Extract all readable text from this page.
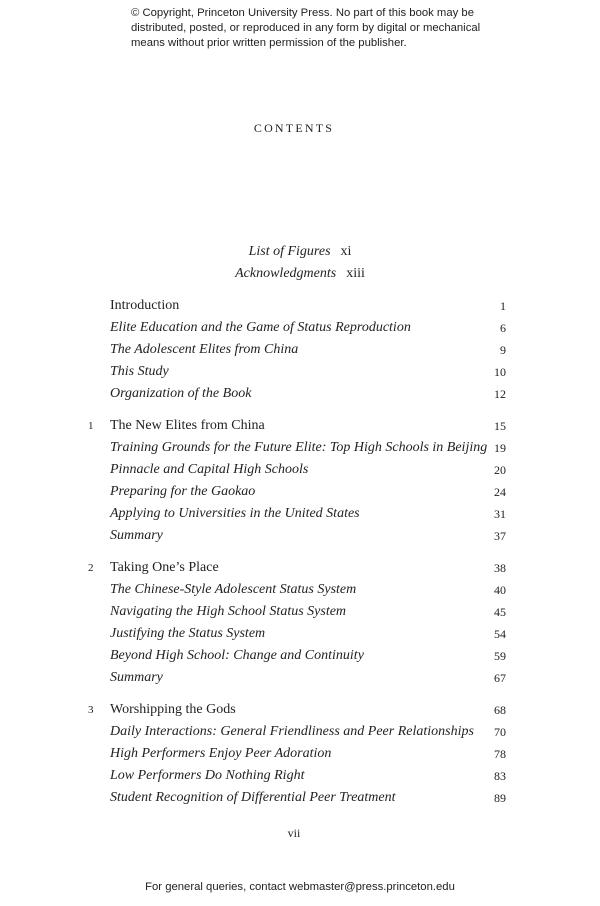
© Copyright, Princeton University Press. No part of this book may be distributed, posted, or reproduced in any form by digital or mechanical means without prior written permission of the publisher.
CONTENTS
List of Figures xi
Acknowledgments xiii
Introduction	1
Elite Education and the Game of Status Reproduction	6
The Adolescent Elites from China	9
This Study	10
Organization of the Book	12
1	The New Elites from China	15
Training Grounds for the Future Elite: Top High Schools in Beijing 19
Pinnacle and Capital High Schools	20
Preparing for the Gaokao	24
Applying to Universities in the United States	31
Summary	37
2	Taking One’s Place	38
The Chinese-Style Adolescent Status System	40
Navigating the High School Status System	45
Justifying the Status System	54
Beyond High School: Change and Continuity	59
Summary	67
3	Worshipping the Gods	68
Daily Interactions: General Friendliness and Peer Relationships 70
High Performers Enjoy Peer Adoration	78
Low Performers Do Nothing Right	83
Student Recognition of Differential Peer Treatment	89
vii
For general queries, contact webmaster@press.princeton.edu
